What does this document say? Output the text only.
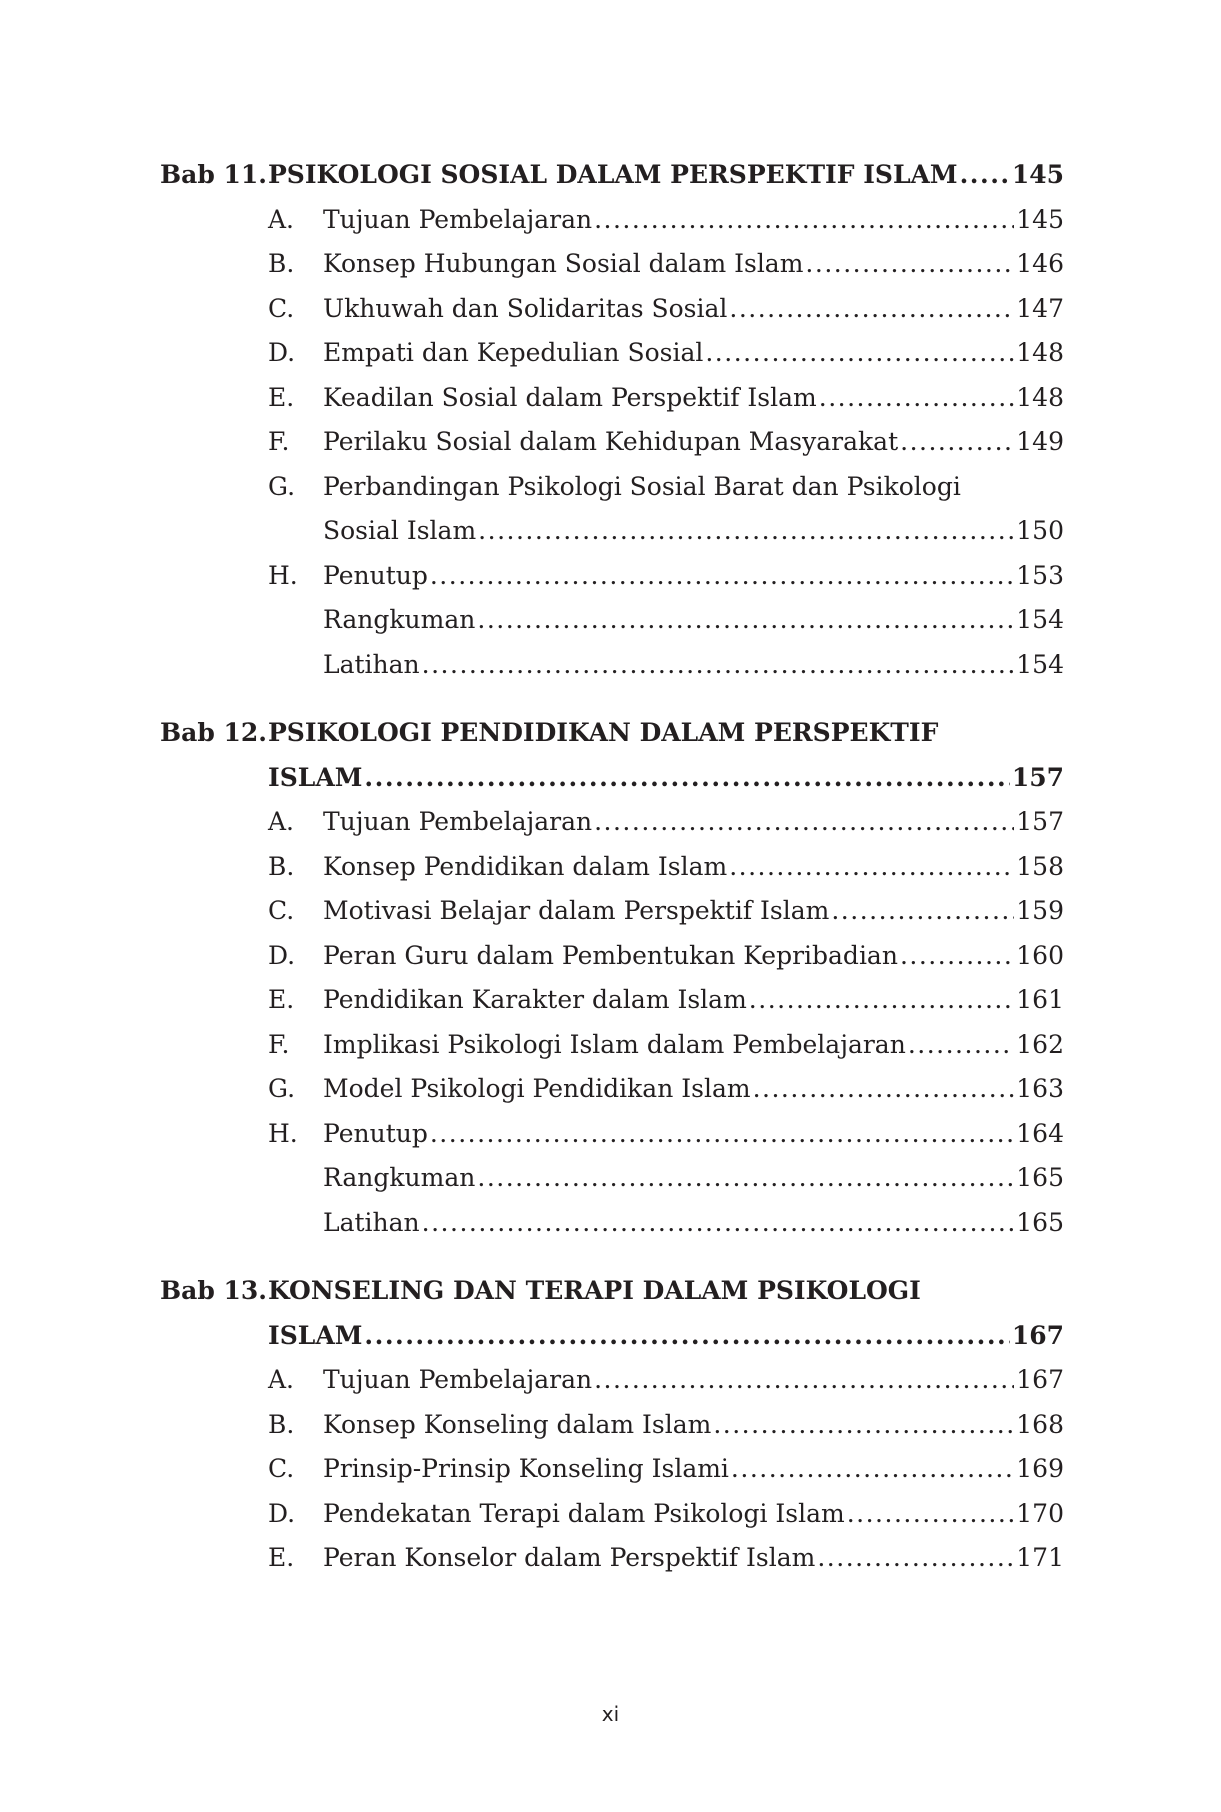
Bab 11. PSIKOLOGI SOSIAL DALAM PERSPEKTIF ISLAM ..... 145
A. Tujuan Pembelajaran .....	145
B. Konsep Hubungan Sosial dalam Islam .....	146
C. Ukhuwah dan Solidaritas Sosial .....	147
D. Empati dan Kepedulian Sosial .....	148
E. Keadilan Sosial dalam Perspektif Islam .....	148
F. Perilaku Sosial dalam Kehidupan Masyarakat .....	149
G. Perbandingan Psikologi Sosial Barat dan Psikologi
Sosial Islam .....	150
H. Penutup .....	153
Rangkuman .....	154
Latihan .....	154
Bab 12. PSIKOLOGI PENDIDIKAN DALAM PERSPEKTIF
ISLAM .....	157
A. Tujuan Pembelajaran .....	157
B. Konsep Pendidikan dalam Islam .....	158
C. Motivasi Belajar dalam Perspektif Islam .....	159
D. Peran Guru dalam Pembentukan Kepribadian .....	160
E. Pendidikan Karakter dalam Islam .....	161
F. Implikasi Psikologi Islam dalam Pembelajaran .....	162
G. Model Psikologi Pendidikan Islam .....	163
H. Penutup .....	164
Rangkuman .....	165
Latihan .....	165
Bab 13. KONSELING DAN TERAPI DALAM PSIKOLOGI
ISLAM .....	167
A. Tujuan Pembelajaran .....	167
B. Konsep Konseling dalam Islam .....	168
C. Prinsip-Prinsip Konseling Islami .....	169
D. Pendekatan Terapi dalam Psikologi Islam .....	170
E. Peran Konselor dalam Perspektif Islam .....	171
xi
